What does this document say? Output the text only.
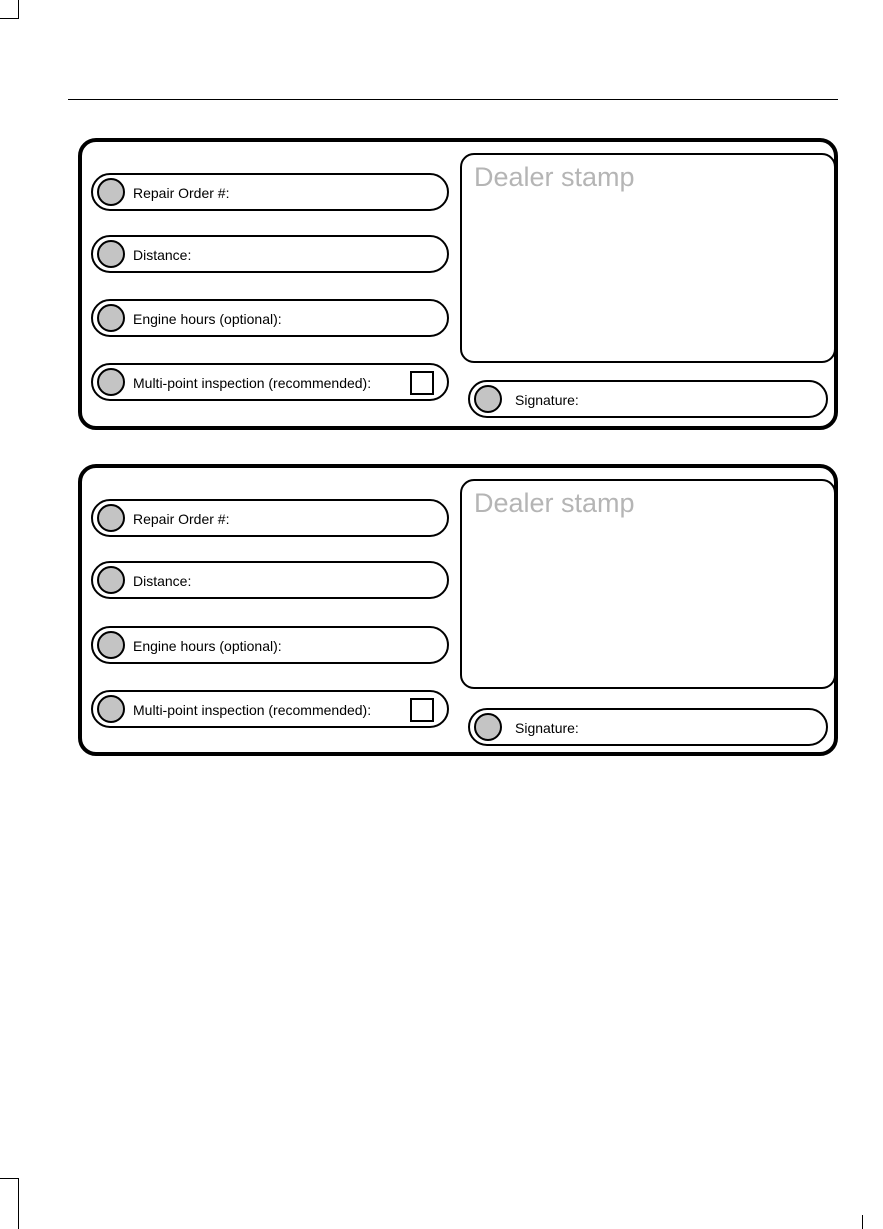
Repair Order #:
Distance:
Engine hours (optional):
Multi-point inspection (recommended):
Dealer stamp
Signature:
Repair Order #:
Distance:
Engine hours (optional):
Multi-point inspection (recommended):
Dealer stamp
Signature:
